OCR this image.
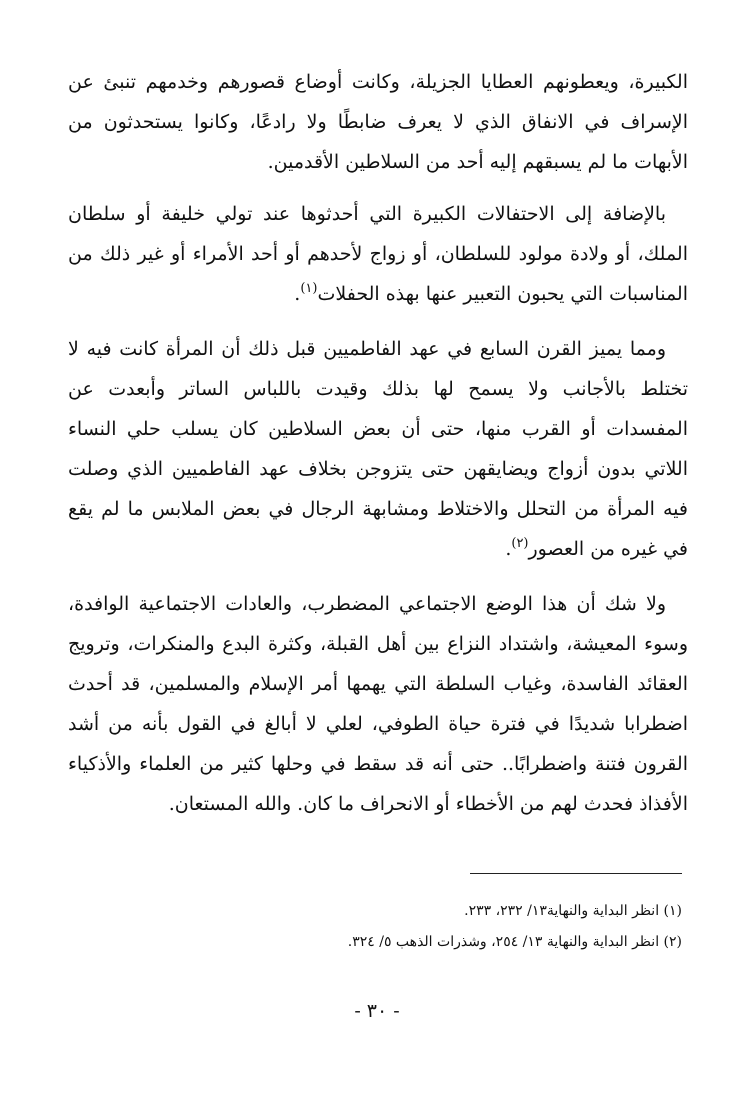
الكبيرة، ويعطونهم العطايا الجزيلة، وكانت أوضاع قصورهم وخدمهم تنبئ عن الإسراف في الانفاق الذي لا يعرف ضابطًا ولا رادعًا، وكانوا يستحدثون من الأبهات ما لم يسبقهم إليه أحد من السلاطين الأقدمين.

بالإضافة إلى الاحتفالات الكبيرة التي أحدثوها عند تولي خليفة أو سلطان الملك، أو ولادة مولود للسلطان، أو زواج لأحدهم أو أحد الأمراء أو غير ذلك من المناسبات التي يحبون التعبير عنها بهذه الحفلات$^{(١)}$.

ومما يميز القرن السابع في عهد الفاطميين قبل ذلك أن المرأة كانت فيه لا تختلط بالأجانب ولا يسمح لها بذلك وقيدت باللباس الساتر وأبعدت عن المفسدات أو القرب منها، حتى أن بعض السلاطين كان يسلب حلي النساء اللاتي بدون أزواج ويضايقهن حتى يتزوجن بخلاف عهد الفاطميين الذي وصلت فيه المرأة من التحلل والاختلاط ومشابهة الرجال في بعض الملابس ما لم يقع في غيره من العصور$^{(٢)}$.

ولا شك أن هذا الوضع الاجتماعي المضطرب، والعادات الاجتماعية الوافدة، وسوء المعيشة، واشتداد النزاع بين أهل القبلة، وكثرة البدع والمنكرات، وترويج العقائد الفاسدة، وغياب السلطة التي يهمها أمر الإسلام والمسلمين، قد أحدث اضطرابا شديدًا في فترة حياة الطوفي، لعلي لا أبالغ في القول بأنه من أشد القرون فتنة واضطرابًا.. حتى أنه قد سقط في وحلها كثير من العلماء والأذكياء الأفذاذ فحدث لهم من الأخطاء أو الانحراف ما كان. والله المستعان.

(١) انظر البداية والنهاية١٣/ ٢٣٢، ٢٣٣.

(٢) انظر البداية والنهاية ١٣/ ٢٥٤، وشذرات الذهب ٥/ ٣٢٤.

- ٣٠ -
